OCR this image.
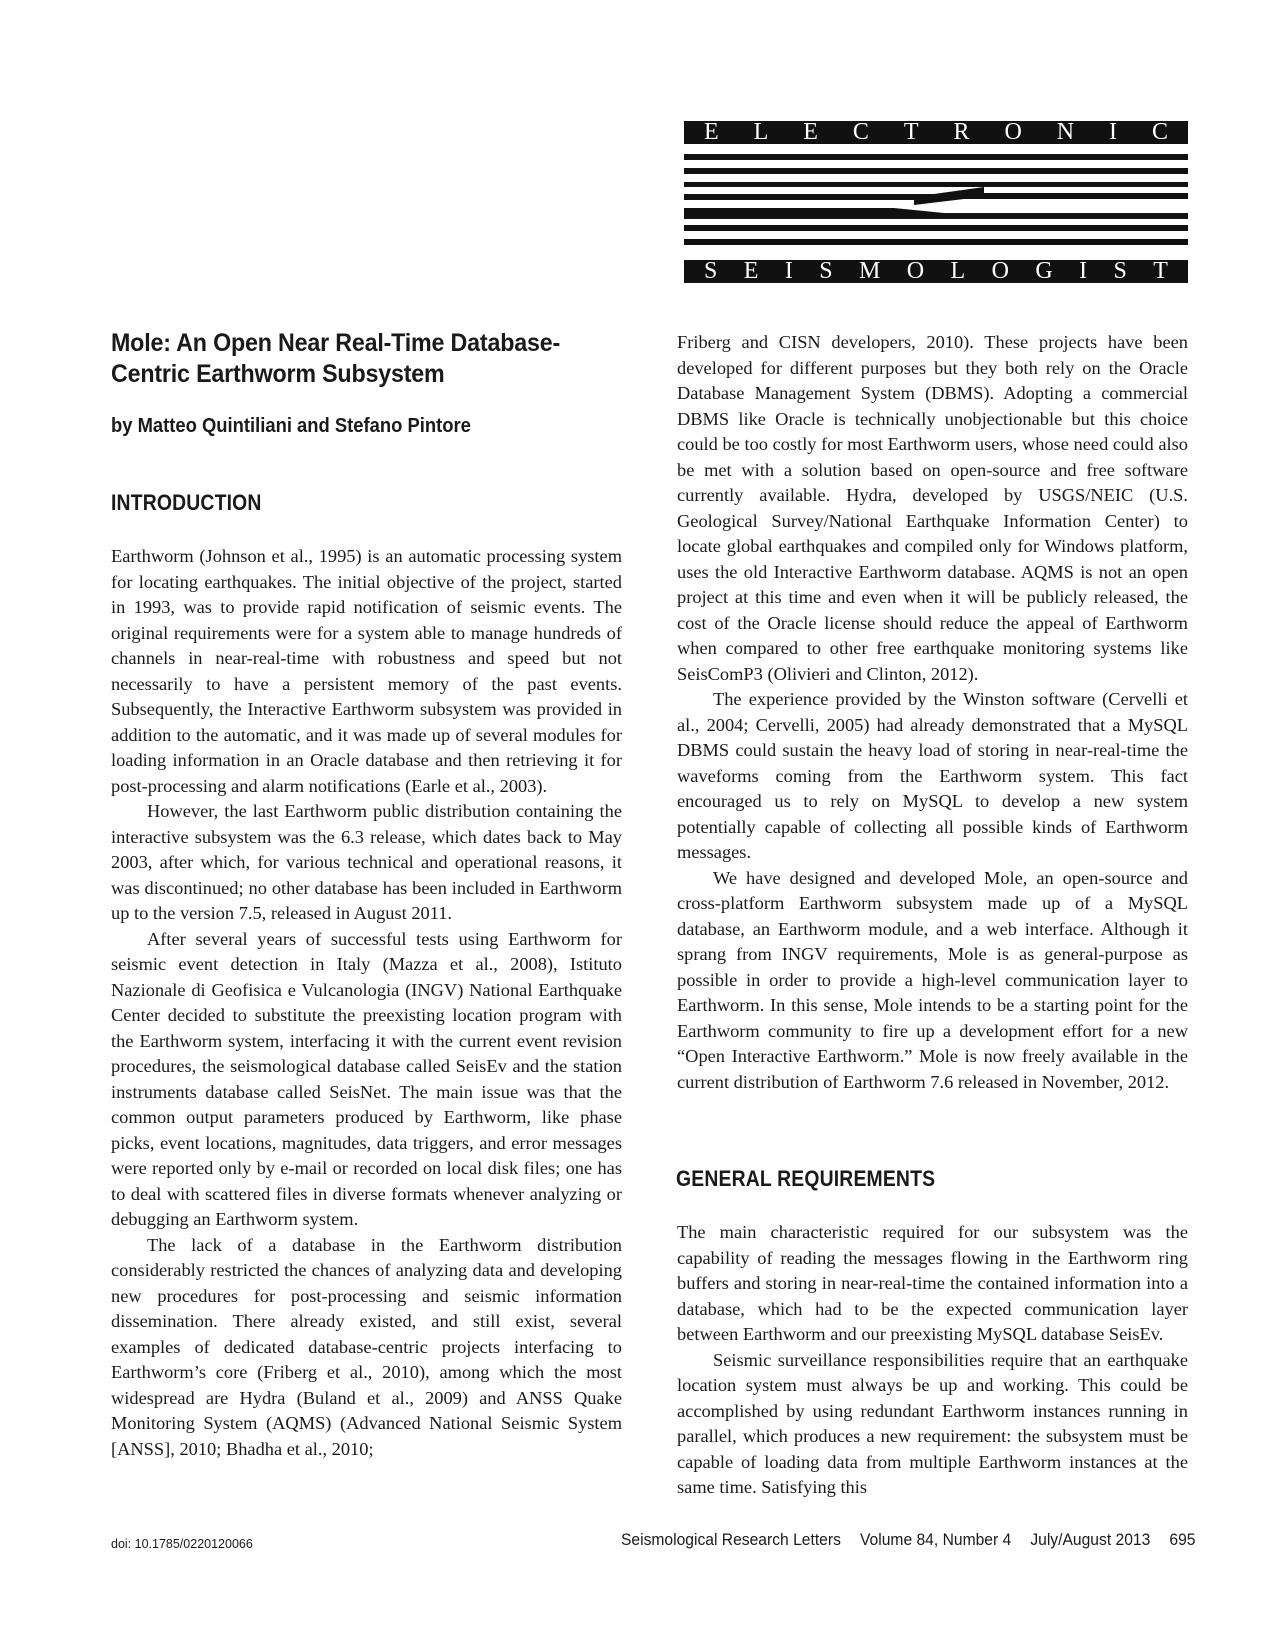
E L E C T R O N I C
S E I S M O L O G I S T
Mole: An Open Near Real-Time Database-Centric Earthworm Subsystem

by Matteo Quintiliani and Stefano Pintore

INTRODUCTION

Earthworm (Johnson et al., 1995) is an automatic processing system for locating earthquakes. The initial objective of the project, started in 1993, was to provide rapid notification of seismic events. The original requirements were for a system able to manage hundreds of channels in near-real-time with robustness and speed but not necessarily to have a persistent memory of the past events. Subsequently, the Interactive Earthworm subsystem was provided in addition to the automatic, and it was made up of several modules for loading information in an Oracle database and then retrieving it for post-processing and alarm notifications (Earle et al., 2003).

However, the last Earthworm public distribution containing the interactive subsystem was the 6.3 release, which dates back to May 2003, after which, for various technical and operational reasons, it was discontinued; no other database has been included in Earthworm up to the version 7.5, released in August 2011.

After several years of successful tests using Earthworm for seismic event detection in Italy (Mazza et al., 2008), Istituto Nazionale di Geofisica e Vulcanologia (INGV) National Earthquake Center decided to substitute the preexisting location program with the Earthworm system, interfacing it with the current event revision procedures, the seismological database called SeisEv and the station instruments database called SeisNet. The main issue was that the common output parameters produced by Earthworm, like phase picks, event locations, magnitudes, data triggers, and error messages were reported only by e-mail or recorded on local disk files; one has to deal with scattered files in diverse formats whenever analyzing or debugging an Earthworm system.

The lack of a database in the Earthworm distribution considerably restricted the chances of analyzing data and developing new procedures for post-processing and seismic information dissemination. There already existed, and still exist, several examples of dedicated database-centric projects interfacing to Earthworm’s core (Friberg et al., 2010), among which the most widespread are Hydra (Buland et al., 2009) and ANSS Quake Monitoring System (AQMS) (Advanced National Seismic System [ANSS], 2010; Bhadha et al., 2010;

Friberg and CISN developers, 2010). These projects have been developed for different purposes but they both rely on the Oracle Database Management System (DBMS). Adopting a commercial DBMS like Oracle is technically unobjectionable but this choice could be too costly for most Earthworm users, whose need could also be met with a solution based on open-source and free software currently available. Hydra, developed by USGS/NEIC (U.S. Geological Survey/National Earthquake Information Center) to locate global earthquakes and compiled only for Windows platform, uses the old Interactive Earthworm database. AQMS is not an open project at this time and even when it will be publicly released, the cost of the Oracle license should reduce the appeal of Earthworm when compared to other free earthquake monitoring systems like SeisComP3 (Olivieri and Clinton, 2012).

The experience provided by the Winston software (Cervelli et al., 2004; Cervelli, 2005) had already demonstrated that a MySQL DBMS could sustain the heavy load of storing in near-real-time the waveforms coming from the Earthworm system. This fact encouraged us to rely on MySQL to develop a new system potentially capable of collecting all possible kinds of Earthworm messages.

We have designed and developed Mole, an open-source and cross-platform Earthworm subsystem made up of a MySQL database, an Earthworm module, and a web interface. Although it sprang from INGV requirements, Mole is as general-purpose as possible in order to provide a high-level communication layer to Earthworm. In this sense, Mole intends to be a starting point for the Earthworm community to fire up a development effort for a new “Open Interactive Earthworm.” Mole is now freely available in the current distribution of Earthworm 7.6 released in November, 2012.

GENERAL REQUIREMENTS

The main characteristic required for our subsystem was the capability of reading the messages flowing in the Earthworm ring buffers and storing in near-real-time the contained information into a database, which had to be the expected communication layer between Earthworm and our preexisting MySQL database SeisEv.

Seismic surveillance responsibilities require that an earthquake location system must always be up and working. This could be accomplished by using redundant Earthworm instances running in parallel, which produces a new requirement: the subsystem must be capable of loading data from multiple Earthworm instances at the same time. Satisfying this

doi: 10.1785/0220120066	Seismological Research Letters Volume 84, Number 4 July/August 2013 695
